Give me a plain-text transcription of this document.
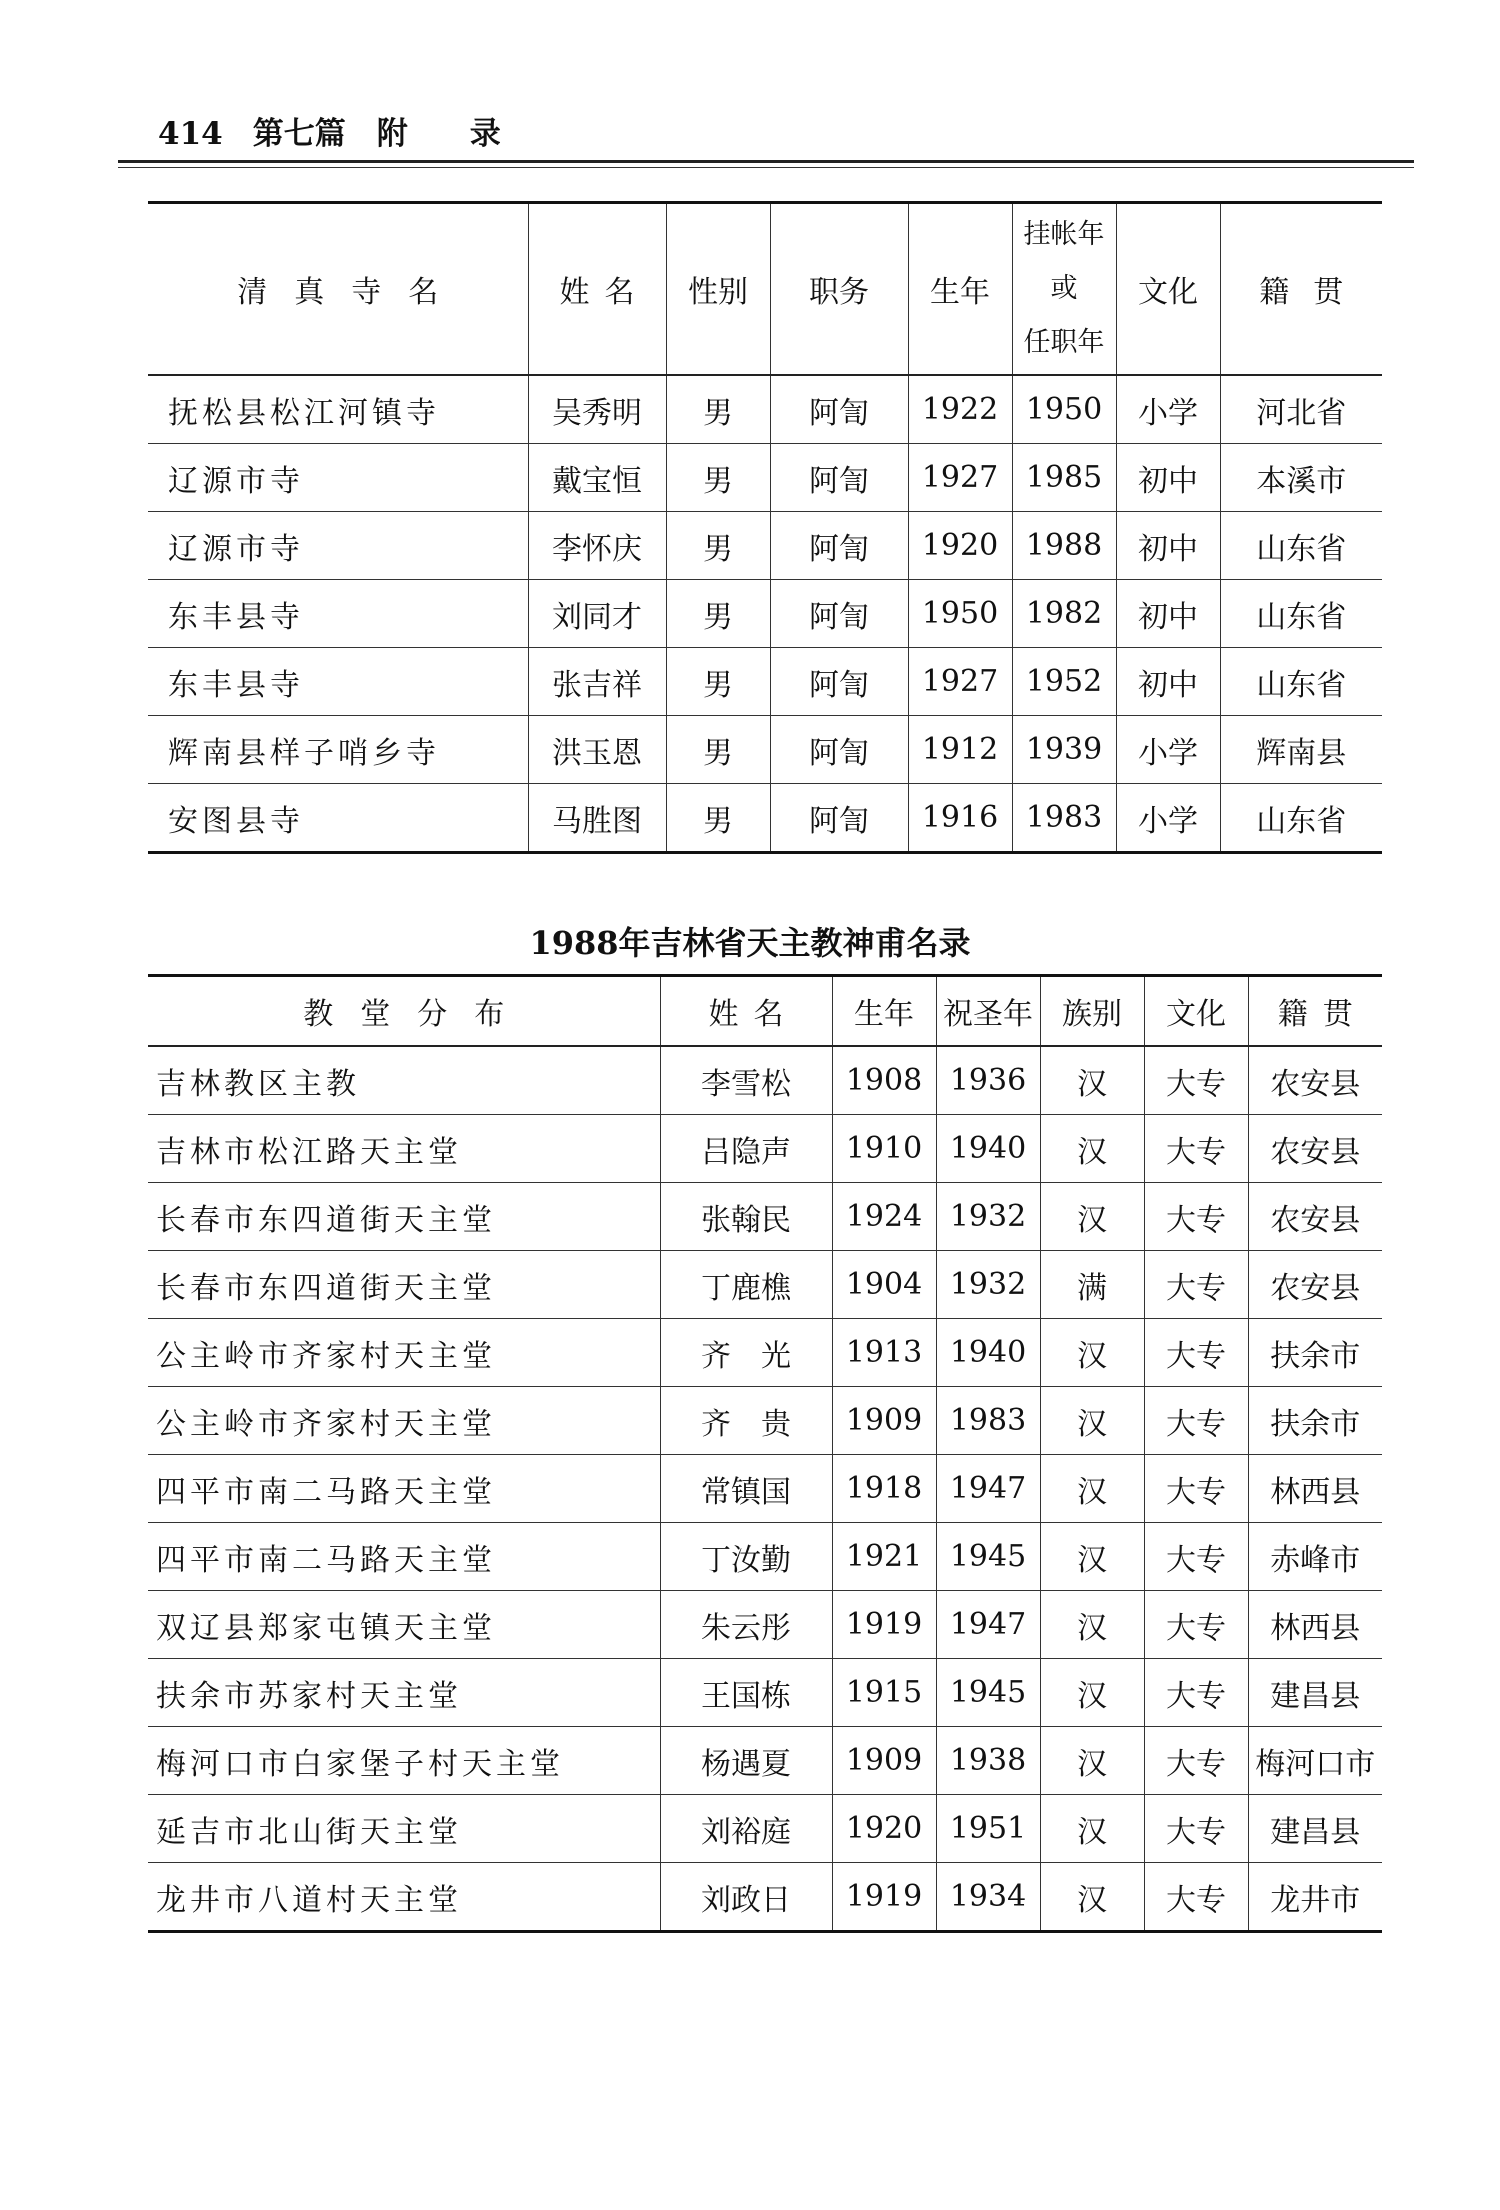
414 第七篇　附　　录
清真寺名	姓名	性别	职务	生年	挂帐年
或
任职年	文化	籍贯
抚松县松江河镇寺	吴秀明	男	阿訇	1922	1950	小学	河北省
辽源市寺	戴宝恒	男	阿訇	1927	1985	初中	本溪市
辽源市寺	李怀庆	男	阿訇	1920	1988	初中	山东省
东丰县寺	刘同才	男	阿訇	1950	1982	初中	山东省
东丰县寺	张吉祥	男	阿訇	1927	1952	初中	山东省
辉南县样子哨乡寺	洪玉恩	男	阿訇	1912	1939	小学	辉南县
安图县寺	马胜图	男	阿訇	1916	1983	小学	山东省
1988年吉林省天主教神甫名录
教堂分布	姓名	生年	祝圣年	族别	文化	籍贯
吉林教区主教	李雪松	1908	1936	汉	大专	农安县
吉林市松江路天主堂	吕隐声	1910	1940	汉	大专	农安县
长春市东四道街天主堂	张翰民	1924	1932	汉	大专	农安县
长春市东四道街天主堂	丁鹿樵	1904	1932	满	大专	农安县
公主岭市齐家村天主堂	齐　光	1913	1940	汉	大专	扶余市
公主岭市齐家村天主堂	齐　贵	1909	1983	汉	大专	扶余市
四平市南二马路天主堂	常镇国	1918	1947	汉	大专	林西县
四平市南二马路天主堂	丁汝勤	1921	1945	汉	大专	赤峰市
双辽县郑家屯镇天主堂	朱云彤	1919	1947	汉	大专	林西县
扶余市苏家村天主堂	王国栋	1915	1945	汉	大专	建昌县
梅河口市白家堡子村天主堂	杨遇夏	1909	1938	汉	大专	梅河口市
延吉市北山街天主堂	刘裕庭	1920	1951	汉	大专	建昌县
龙井市八道村天主堂	刘政日	1919	1934	汉	大专	龙井市
